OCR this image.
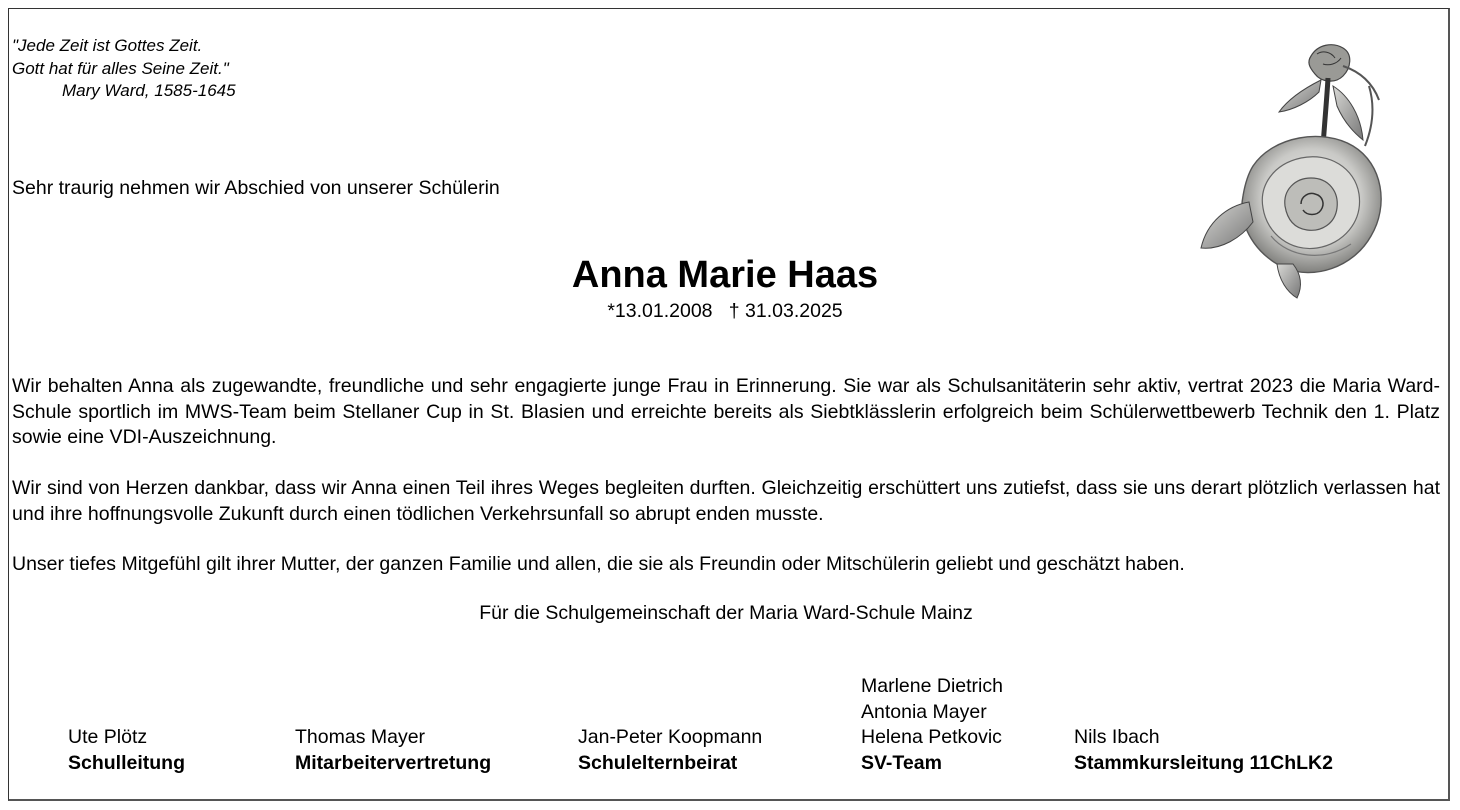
"Jede Zeit ist Gottes Zeit.
Gott hat für alles Seine Zeit."
Mary Ward, 1585-1645
Sehr traurig nehmen wir Abschied von unserer Schülerin
Anna Marie Haas
*13.01.2008   † 31.03.2025
Wir behalten Anna als zugewandte, freundliche und sehr engagierte junge Frau in Erinnerung. Sie war als Schulsanitäterin sehr aktiv, vertrat 2023 die Maria Ward-Schule sportlich im MWS-Team beim Stellaner Cup in St. Blasien und erreichte bereits als Siebtklässlerin erfolgreich beim Schülerwettbewerb Technik den 1. Platz sowie eine VDI-Auszeichnung.
Wir sind von Herzen dankbar, dass wir Anna einen Teil ihres Weges begleiten durften. Gleichzeitig erschüttert uns zutiefst, dass sie uns derart plötzlich verlassen hat und ihre hoffnungsvolle Zukunft durch einen tödlichen Verkehrsunfall so abrupt enden musste.
Unser tiefes Mitgefühl gilt ihrer Mutter, der ganzen Familie und allen, die sie als Freundin oder Mitschülerin geliebt und geschätzt haben.
Für die Schulgemeinschaft der Maria Ward-Schule Mainz
Ute Plötz
Schulleitung
Thomas Mayer
Mitarbeitervertretung
Jan-Peter Koopmann
Schulelternbeirat
Marlene Dietrich
Antonia Mayer
Helena Petkovic
SV-Team
Nils Ibach
Stammkursleitung 11ChLK2
